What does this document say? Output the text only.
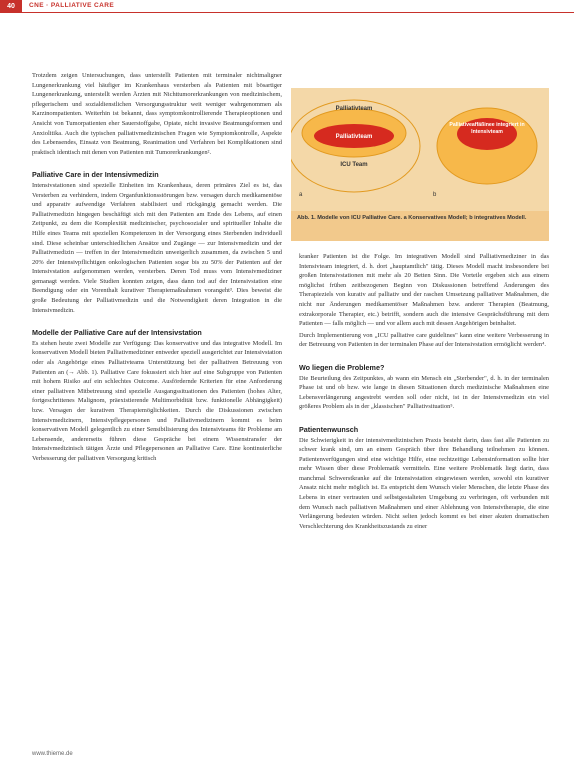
40	CNE · PALLIATIVE CARE

Trotzdem zeigen Untersuchungen, dass unterstellt Patienten mit terminaler nichtmaligner Lungenerkrankung viel häufiger im Krankenhaus versterben als Patienten mit bösartiger Lungenerkrankung, unterstellt werden Ärzten mit Nichttumorerkrankungen von medizinischem, pflegerischem und sozialdienstlichen Versorgungsstruktur weit weniger wahrgenommen als Karzinompatienten. Weiterhin ist bekannt, dass symptomkontrollierende Therapieoptionen und Ansicht von Tumorpatienten eher Sauerstoffgabe, Opiate, nicht invasive Beatmungsformen und Anxiolitika. Auch die typischen palliativmedizinischen Fragen wie Symptomkontrolle, Aspekte des Lebensendes, Einsatz von Beatmung, Reanimation und Verfahren bei Komplikationen sind praktisch identisch mit denen von Patienten mit Tumorerkrankungen².

Palliative Care in der Intensivmedizin

Intensivstationen sind spezielle Einheiten im Krankenhaus, deren primäres Ziel es ist, das Versterben zu verhindern, indem Organfunktionsstörungen bzw. versagen durch medikamentöse und apparativ aufwendige Verfahren stabilisiert und rückgängig gemacht werden. Die Palliativmedizin hingegen beschäftigt sich mit den Patienten am Ende des Lebens, auf einen Zeitpunkt, zu dem die Komplexität medizinischer, psychosozialer und spiritueller Inhalte die Hilfe eines Teams mit speziellen Kompetenzen in der Versorgung eines Sterbenden individuell sind. Diese scheinbar unterschiedlichen Ansätze und Zugänge — zur Intensivmedizin und der Palliativmedizin — treffen in der Intensivmedizin unweigerlich zusammen, da zwischen 5 und 20% der Intensivpflichtigen onkologischen Patienten sogar bis zu 50% der Patienten auf der Intensivstation aufgenommen werden, versterben. Deren Tod muss vom Intensivmediziner gemanagt werden. Viele Studien konnten zeigen, dass dann tod auf der Intensivstation eine Beendigung oder ein Vorenthalt kurativer Therapiemaßnahmen vorangeht³. Dies beweist die große Bedeutung der Palliativmedizin und die Notwendigkeit deren Integration in die Intensivmedizin.

Modelle der Palliative Care auf der Intensivstation

Es stehen heute zwei Modelle zur Verfügung: Das konservative und das integrative Modell. Im konservativen Modell bieten Palliativmediziner entweder speziell ausgerichtet zur Intensivstation oder als Angehörige eines Palliativteams Unterstützung bei der palliativen Betreuung von Patienten an (→ Abb. 1). Palliative Care fokussiert sich hier auf eine Subgruppe von Patienten mit hohem Risiko auf ein schlechtes Outcome. Ausfördernde Kriterien für eine Anforderung einer palliativen Mitbetreuung sind spezielle Ausgangssituationen des Patienten (hohes Alter, fortgeschrittenes Malignom, präexistierende Multimorbidität bzw. funktionelle Abhängigkeit) bzw. Versagen der kurativen Therapiemöglichkeiten. Durch die Diskussionen zwischen Intensivmedizinern, Intensivpflegepersonen und Palliativmedizinern kommt es beim konservativen Modell gelegentlich zu einer Sensibilisierung des Intensivteams für Probleme am Lebensende, andererseits führen diese Gespräche bei einem Wissenstransfer der Intensivmedizinisch tätigen Ärzte und Pflegepersonen an Palliative Care. Eine kontinuierliche Verbesserung der palliativen Versorgung kritisch

Palliativteam
Palliativteam
ICU Team
a	b
Palliativeaffäßinee integriert in Intensivteam
Abb. 1. Modelle von ICU Palliative Care. a Konservatives Modell; b integratives Modell.

kranker Patienten ist die Folge. Im integrativen Modell sind Palliativmediziner in das Intensivteam integriert, d. h. dort „hauptamtlich" tätig. Dieses Modell macht insbesondere bei großen Intensivstationen mit mehr als 20 Betten Sinn. Die Vorteile ergeben sich aus einem möglichst frühen zeitbezogenen Beginn von Diskussionen betreffend Änderungen des Therapieziels von kurativ auf palliativ und der raschen Umsetzung palliativer Maßnahmen, die nicht nur Änderungen medikamentöser Maßnahmen bzw. anderer Therapien (Beatmung, extrakorporale Therapier, etc.) betrifft, sondern auch die intensive Gesprächsführung mit dem Patienten — falls möglich — und vor allem auch mit dessen Angehörigen beinhaltet.

Durch Implementierung von „ICU palliative care guidelines" kann eine weitere Verbesserung in der Betreuung von Patienten in der terminalen Phase auf der Intensivstation ermöglicht werden⁴.

Wo liegen die Probleme?

Die Beurteilung des Zeitpunktes, ab wann ein Mensch ein „Sterbender", d. h. in der terminalen Phase ist und ob bzw. wie lange in diesen Situationen durch medizinische Maßnahmen eine Lebensverlängerung angestrebt werden soll oder nicht, ist in der Intensivmedizin ein viel größeres Problem als in der „klassischen" Palliativsituation⁵.

Patientenwunsch

Die Schwierigkeit in der intensivmedizinischen Praxis besteht darin, dass fast alle Patienten zu schwer krank sind, um an einem Gespräch über ihre Behandlung teilnehmen zu können. Patientenverfügungen sind eine wichtige Hilfe, eine rechtzeitige Lebensinformation sollte hier mehr Wissen über diese Problematik vermitteln. Eine weitere Problematik liegt darin, dass manchmal Schwerstkranke auf die Intensivstation eingewiesen werden, sowohl ein kurativer Ansatz nicht mehr möglich ist. Es entspricht dem Wunsch vieler Menschen, die letzte Phase des Lebens in einer vertrauten und selbstgestalteten Umgebung zu verbringen, oft verbunden mit dem Wunsch nach palliativen Maßnahmen und einer Ablehnung von Intensivtherapie, die eine Verlängerung bedeuten würden. Nicht selten jedoch kommt es bei einer akuten dramatischen Verschlechterung des Krankheitszustands zu einer

www.thieme.de
